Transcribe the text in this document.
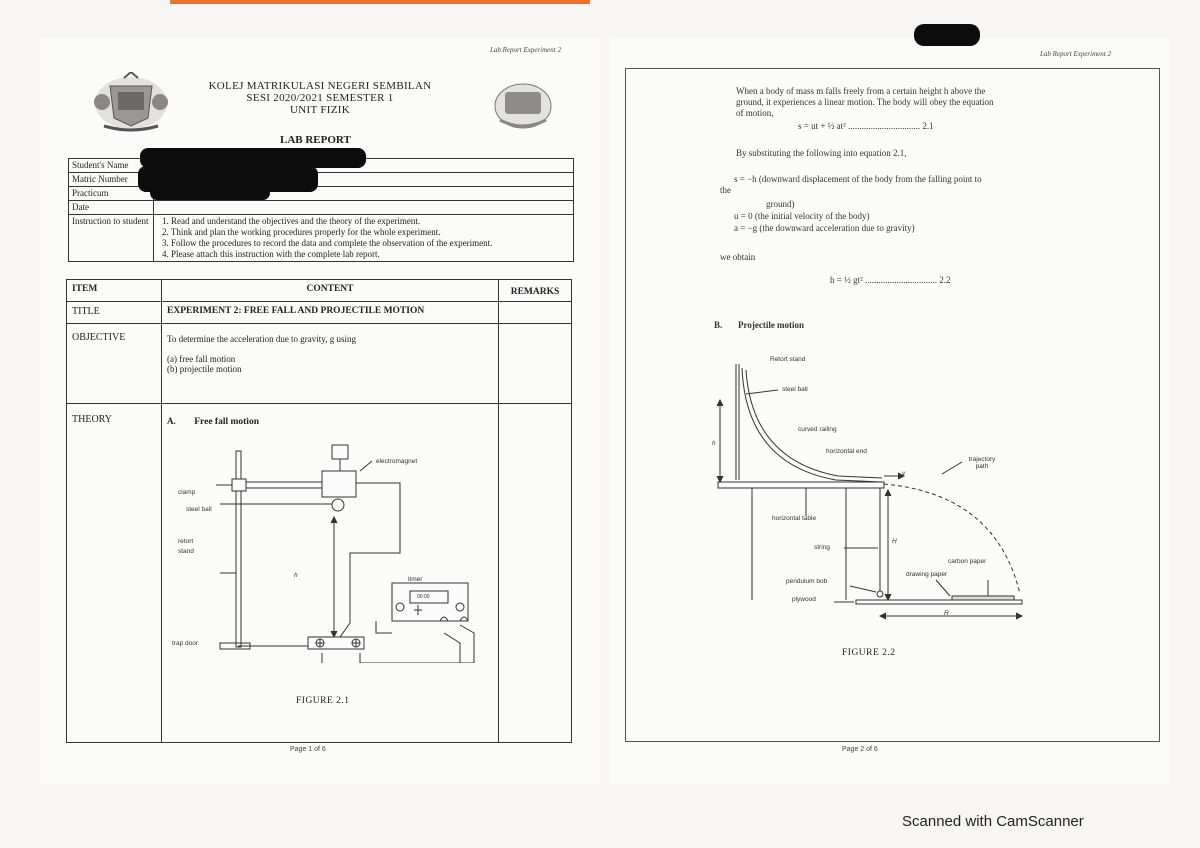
Lab Report Experiment 2
KOLEJ MATRIKULASI NEGERI SEMBILAN
SESI 2020/2021 SEMESTER 1
UNIT FIZIK
LAB REPORT
Student's Name	
Matric Number	
Practicum	
Date	
Instruction to student	1. Read and understand the objectives and the theory of the experiment.
2. Think and plan the working procedures properly for the whole experiment.
3. Follow the procedures to record the data and complete the observation of the experiment.
4. Please attach this instruction with the complete lab report.
ITEM	CONTENT	REMARKS
TITLE	EXPERIMENT 2: FREE FALL AND PROJECTILE MOTION	
OBJECTIVE	To determine the acceleration due to gravity, g using
(a) free fall motion
(b) projectile motion	

THEORY	A. Free fall motion	
electromagnet
clamp
steel ball
retort
stand
h
timer
00:00
trap door
FIGURE 2.1
Page 1 of 6
Lab Report Experiment 2
When a body of mass m falls freely from a certain height h above the
ground, it experiences a linear motion. The body will obey the equation
of motion,
s = ut + ½ at² ................................ 2.1
By substituting the following into equation 2.1,
s = −h (downward displacement of the body from the falling point to
the
ground)
u = 0 (the initial velocity of the body)
a = −g (the downward acceleration due to gravity)
we obtain
h = ½ gt² ................................ 2.2
B. Projectile motion
Retort stand
steel ball
curved railing
horizontal end
trajectory path
v
h
horizontal table
string
H
carbon paper
drawing paper
pendulum bob
plywood
R
FIGURE 2.2
Page 2 of 6
Scanned with CamScanner
